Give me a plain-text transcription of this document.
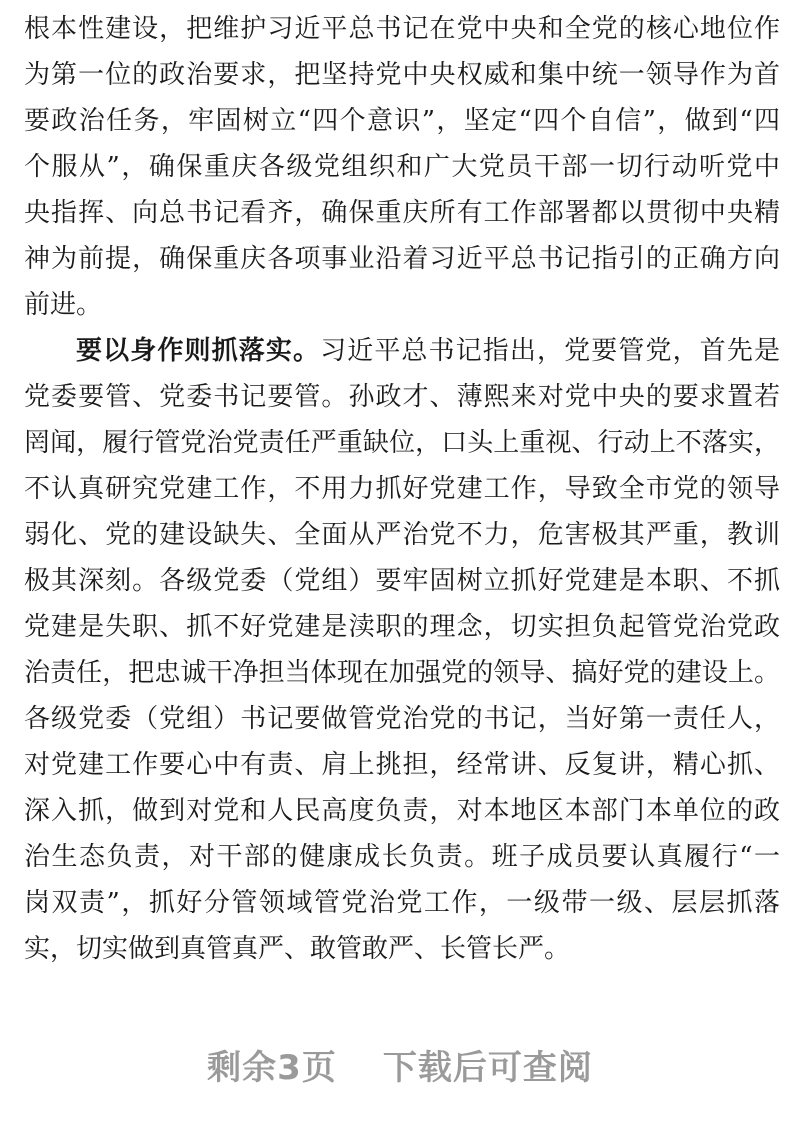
根本性建设，把维护习近平总书记在党中央和全党的核心地位作
为第一位的政治要求，把坚持党中央权威和集中统一领导作为首
要政治任务，牢固树立“四个意识”，坚定“四个自信”，做到“四
个服从”，确保重庆各级党组织和广大党员干部一切行动听党中
央指挥、向总书记看齐，确保重庆所有工作部署都以贯彻中央精
神为前提，确保重庆各项事业沿着习近平总书记指引的正确方向
前进。
要以身作则抓落实。习近平总书记指出，党要管党，首先是
党委要管、党委书记要管。孙政才、薄熙来对党中央的要求置若
罔闻，履行管党治党责任严重缺位，口头上重视、行动上不落实，
不认真研究党建工作，不用力抓好党建工作，导致全市党的领导
弱化、党的建设缺失、全面从严治党不力，危害极其严重，教训
极其深刻。各级党委（党组）要牢固树立抓好党建是本职、不抓
党建是失职、抓不好党建是渎职的理念，切实担负起管党治党政
治责任，把忠诚干净担当体现在加强党的领导、搞好党的建设上。
各级党委（党组）书记要做管党治党的书记，当好第一责任人，
对党建工作要心中有责、肩上挑担，经常讲、反复讲，精心抓、
深入抓，做到对党和人民高度负责，对本地区本部门本单位的政
治生态负责，对干部的健康成长负责。班子成员要认真履行“一
岗双责”，抓好分管领域管党治党工作，一级带一级、层层抓落
实，切实做到真管真严、敢管敢严、长管长严。
剩余3页 下载后可查阅
